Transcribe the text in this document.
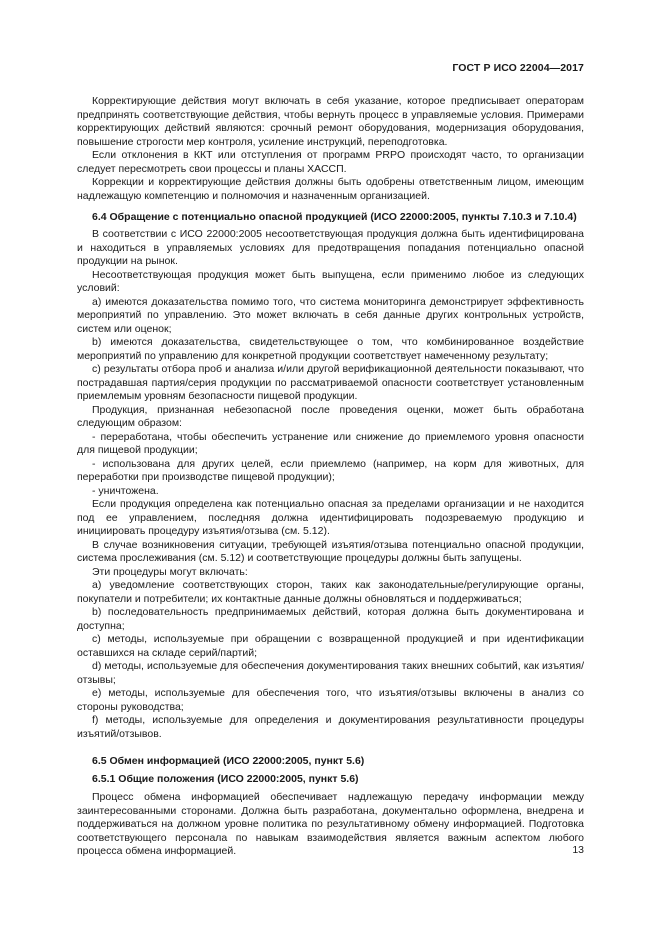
ГОСТ Р ИСО 22004—2017

Корректирующие действия могут включать в себя указание, которое предписывает операторам предпринять соответствующие действия, чтобы вернуть процесс в управляемые условия. Примерами корректирующих действий являются: срочный ремонт оборудования, модернизация оборудования, повышение строгости мер контроля, усиление инструкций, переподготовка.

Если отклонения в ККТ или отступления от программ PRPO происходят часто, то организации следует пересмотреть свои процессы и планы ХАССП.

Коррекции и корректирующие действия должны быть одобрены ответственным лицом, имеющим надлежащую компетенцию и полномочия и назначенным организацией.

6.4 Обращение с потенциально опасной продукцией (ИСО 22000:2005, пункты 7.10.3 и 7.10.4)

В соответствии с ИСО 22000:2005 несоответствующая продукция должна быть идентифицирована и находиться в управляемых условиях для предотвращения попадания потенциально опасной продукции на рынок.

Несоответствующая продукция может быть выпущена, если применимо любое из следующих условий:

а) имеются доказательства помимо того, что система мониторинга демонстрирует эффективность мероприятий по управлению. Это может включать в себя данные других контрольных устройств, систем или оценок;

b) имеются доказательства, свидетельствующее о том, что комбинированное воздействие мероприятий по управлению для конкретной продукции соответствует намеченному результату;

с) результаты отбора проб и анализа и/или другой верификационной деятельности показывают, что пострадавшая партия/серия продукции по рассматриваемой опасности соответствует установленным приемлемым уровням безопасности пищевой продукции.

Продукция, признанная небезопасной после проведения оценки, может быть обработана следующим образом:

- переработана, чтобы обеспечить устранение или снижение до приемлемого уровня опасности для пищевой продукции;

- использована для других целей, если приемлемо (например, на корм для животных, для переработки при производстве пищевой продукции);

- уничтожена.

Если продукция определена как потенциально опасная за пределами организации и не находится под ее управлением, последняя должна идентифицировать подозреваемую продукцию и инициировать процедуру изъятия/отзыва (см. 5.12).

В случае возникновения ситуации, требующей изъятия/отзыва потенциально опасной продукции, система прослеживания (см. 5.12) и соответствующие процедуры должны быть запущены.

Эти процедуры могут включать:

а) уведомление соответствующих сторон, таких как законодательные/регулирующие органы, покупатели и потребители; их контактные данные должны обновляться и поддерживаться;

b) последовательность предпринимаемых действий, которая должна быть документирована и доступна;

c) методы, используемые при обращении с возвращенной продукцией и при идентификации оставшихся на складе серий/партий;

d) методы, используемые для обеспечения документирования таких внешних событий, как изъятия/отзывы;

e) методы, используемые для обеспечения того, что изъятия/отзывы включены в анализ со стороны руководства;

f) методы, используемые для определения и документирования результативности процедуры изъятий/отзывов.

6.5 Обмен информацией (ИСО 22000:2005, пункт 5.6)
6.5.1 Общие положения (ИСО 22000:2005, пункт 5.6)

Процесс обмена информацией обеспечивает надлежащую передачу информации между заинтересованными сторонами. Должна быть разработана, документально оформлена, внедрена и поддерживаться на должном уровне политика по результативному обмену информацией. Подготовка соответствующего персонала по навыкам взаимодействия является важным аспектом любого процесса обмена информацией.	13
